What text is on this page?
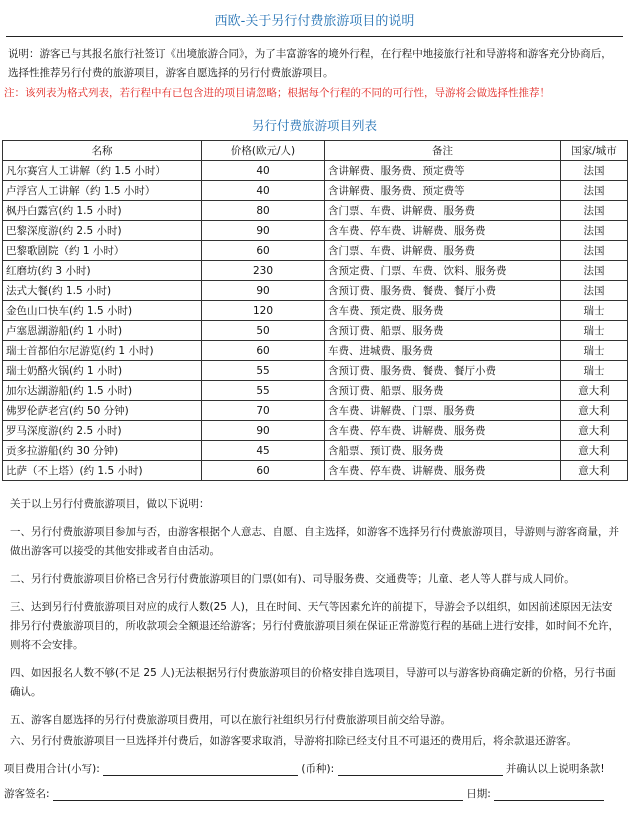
西欧-关于另行付费旅游项目的说明
说明：游客已与其报名旅行社签订《出境旅游合同》，为了丰富游客的境外行程，在行程中地接旅行社和导游将和游客充分协商后，选择性推荐另行付费的旅游项目，游客自愿选择的另行付费旅游项目。
注：该列表为格式列表，若行程中有已包含进的项目请忽略；根据每个行程的不同的可行性，导游将会做选择性推荐！
另行付费旅游项目列表
名称	价格(欧元/人)	备注	国家/城市
凡尔赛宫人工讲解（约 1.5 小时）	40	含讲解费、服务费、预定费等	法国
卢浮宫人工讲解（约 1.5 小时）	40	含讲解费、服务费、预定费等	法国
枫丹白露宫(约 1.5 小时)	80	含门票、车费、讲解费、服务费	法国
巴黎深度游(约 2.5 小时)	90	含车费、停车费、讲解费、服务费	法国
巴黎歌剧院（约 1 小时）	60	含门票、车费、讲解费、服务费	法国
红磨坊(约 3 小时)	230	含预定费、门票、车费、饮料、服务费	法国
法式大餐(约 1.5 小时)	90	含预订费、服务费、餐费、餐厅小费	法国
金色山口快车(约 1.5 小时)	120	含车费、预定费、服务费	瑞士
卢塞恩湖游船(约 1 小时)	50	含预订费、船票、服务费	瑞士
瑞士首都伯尔尼游览(约 1 小时)	60	车费、进城费、服务费	瑞士
瑞士奶酪火锅(约 1 小时)	55	含预订费、服务费、餐费、餐厅小费	瑞士
加尔达湖游船(约 1.5 小时)	55	含预订费、船票、服务费	意大利
佛罗伦萨老宫(约 50 分钟)	70	含车费、讲解费、门票、服务费	意大利
罗马深度游(约 2.5 小时)	90	含车费、停车费、讲解费、服务费	意大利
贡多拉游船(约 30 分钟)	45	含船票、预订费、服务费	意大利
比萨（不上塔）(约 1.5 小时)	60	含车费、停车费、讲解费、服务费	意大利
关于以上另行付费旅游项目，做以下说明：
一、另行付费旅游项目参加与否，由游客根据个人意志、自愿、自主选择，如游客不选择另行付费旅游项目，导游则与游客商量，并做出游客可以接受的其他安排或者自由活动。
二、另行付费旅游项目价格已含另行付费旅游项目的门票(如有)、司导服务费、交通费等；儿童、老人等人群与成人同价。
三、达到另行付费旅游项目对应的成行人数(25 人)，且在时间、天气等因素允许的前提下，导游会予以组织，如因前述原因无法安排另行付费旅游项目的，所收款项会全额退还给游客；另行付费旅游项目须在保证正常游览行程的基础上进行安排，如时间不允许，则将不会安排。
四、如因报名人数不够(不足 25 人)无法根据另行付费旅游项目的价格安排自选项目，导游可以与游客协商确定新的价格，另行书面确认。
五、游客自愿选择的另行付费旅游项目费用，可以在旅行社组织另行付费旅游项目前交给导游。
六、另行付费旅游项目一旦选择并付费后，如游客要求取消，导游将扣除已经支付且不可退还的费用后，将余款退还游客。
项目费用合计(小写):	(币种):	并确认以上说明条款!
游客签名:	日期:
